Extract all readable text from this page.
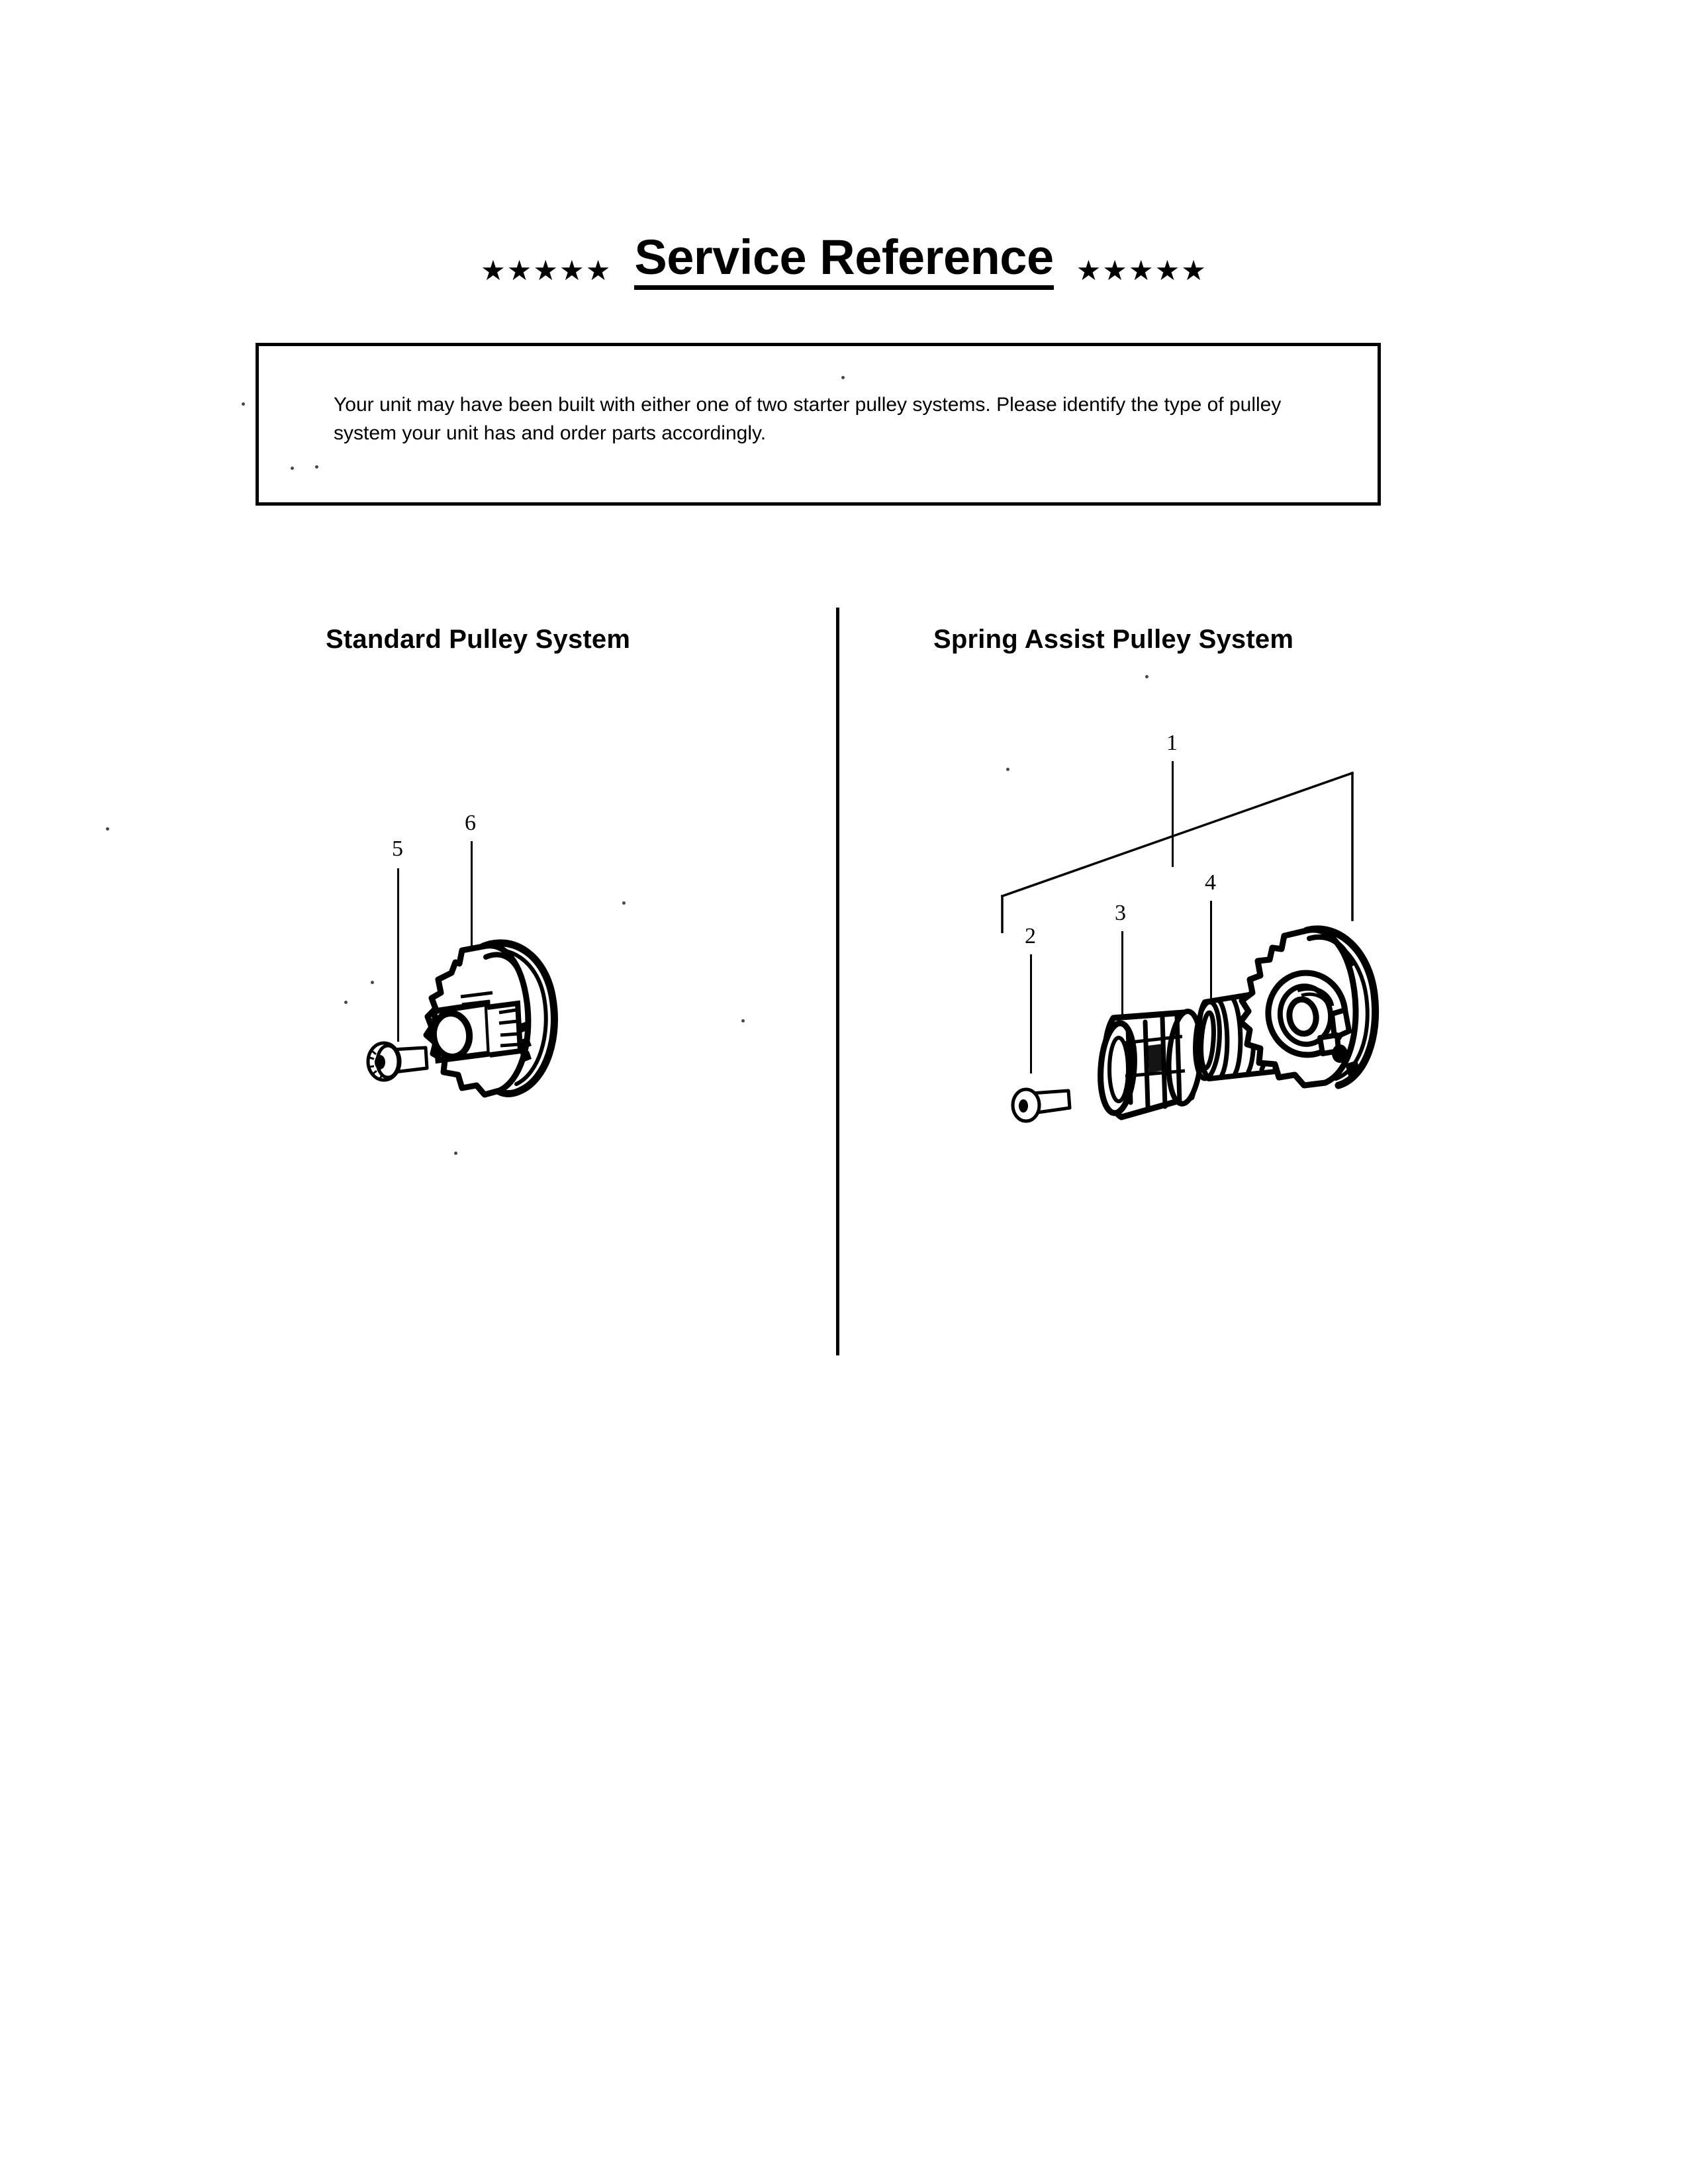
★★★★★ Service Reference ★★★★★
Your unit may have been built with either one of two starter pulley systems. Please identify the type of pulley system your unit has and order parts accordingly.
Standard Pulley System	Spring Assist Pulley System
5
6
1
2
3
4
